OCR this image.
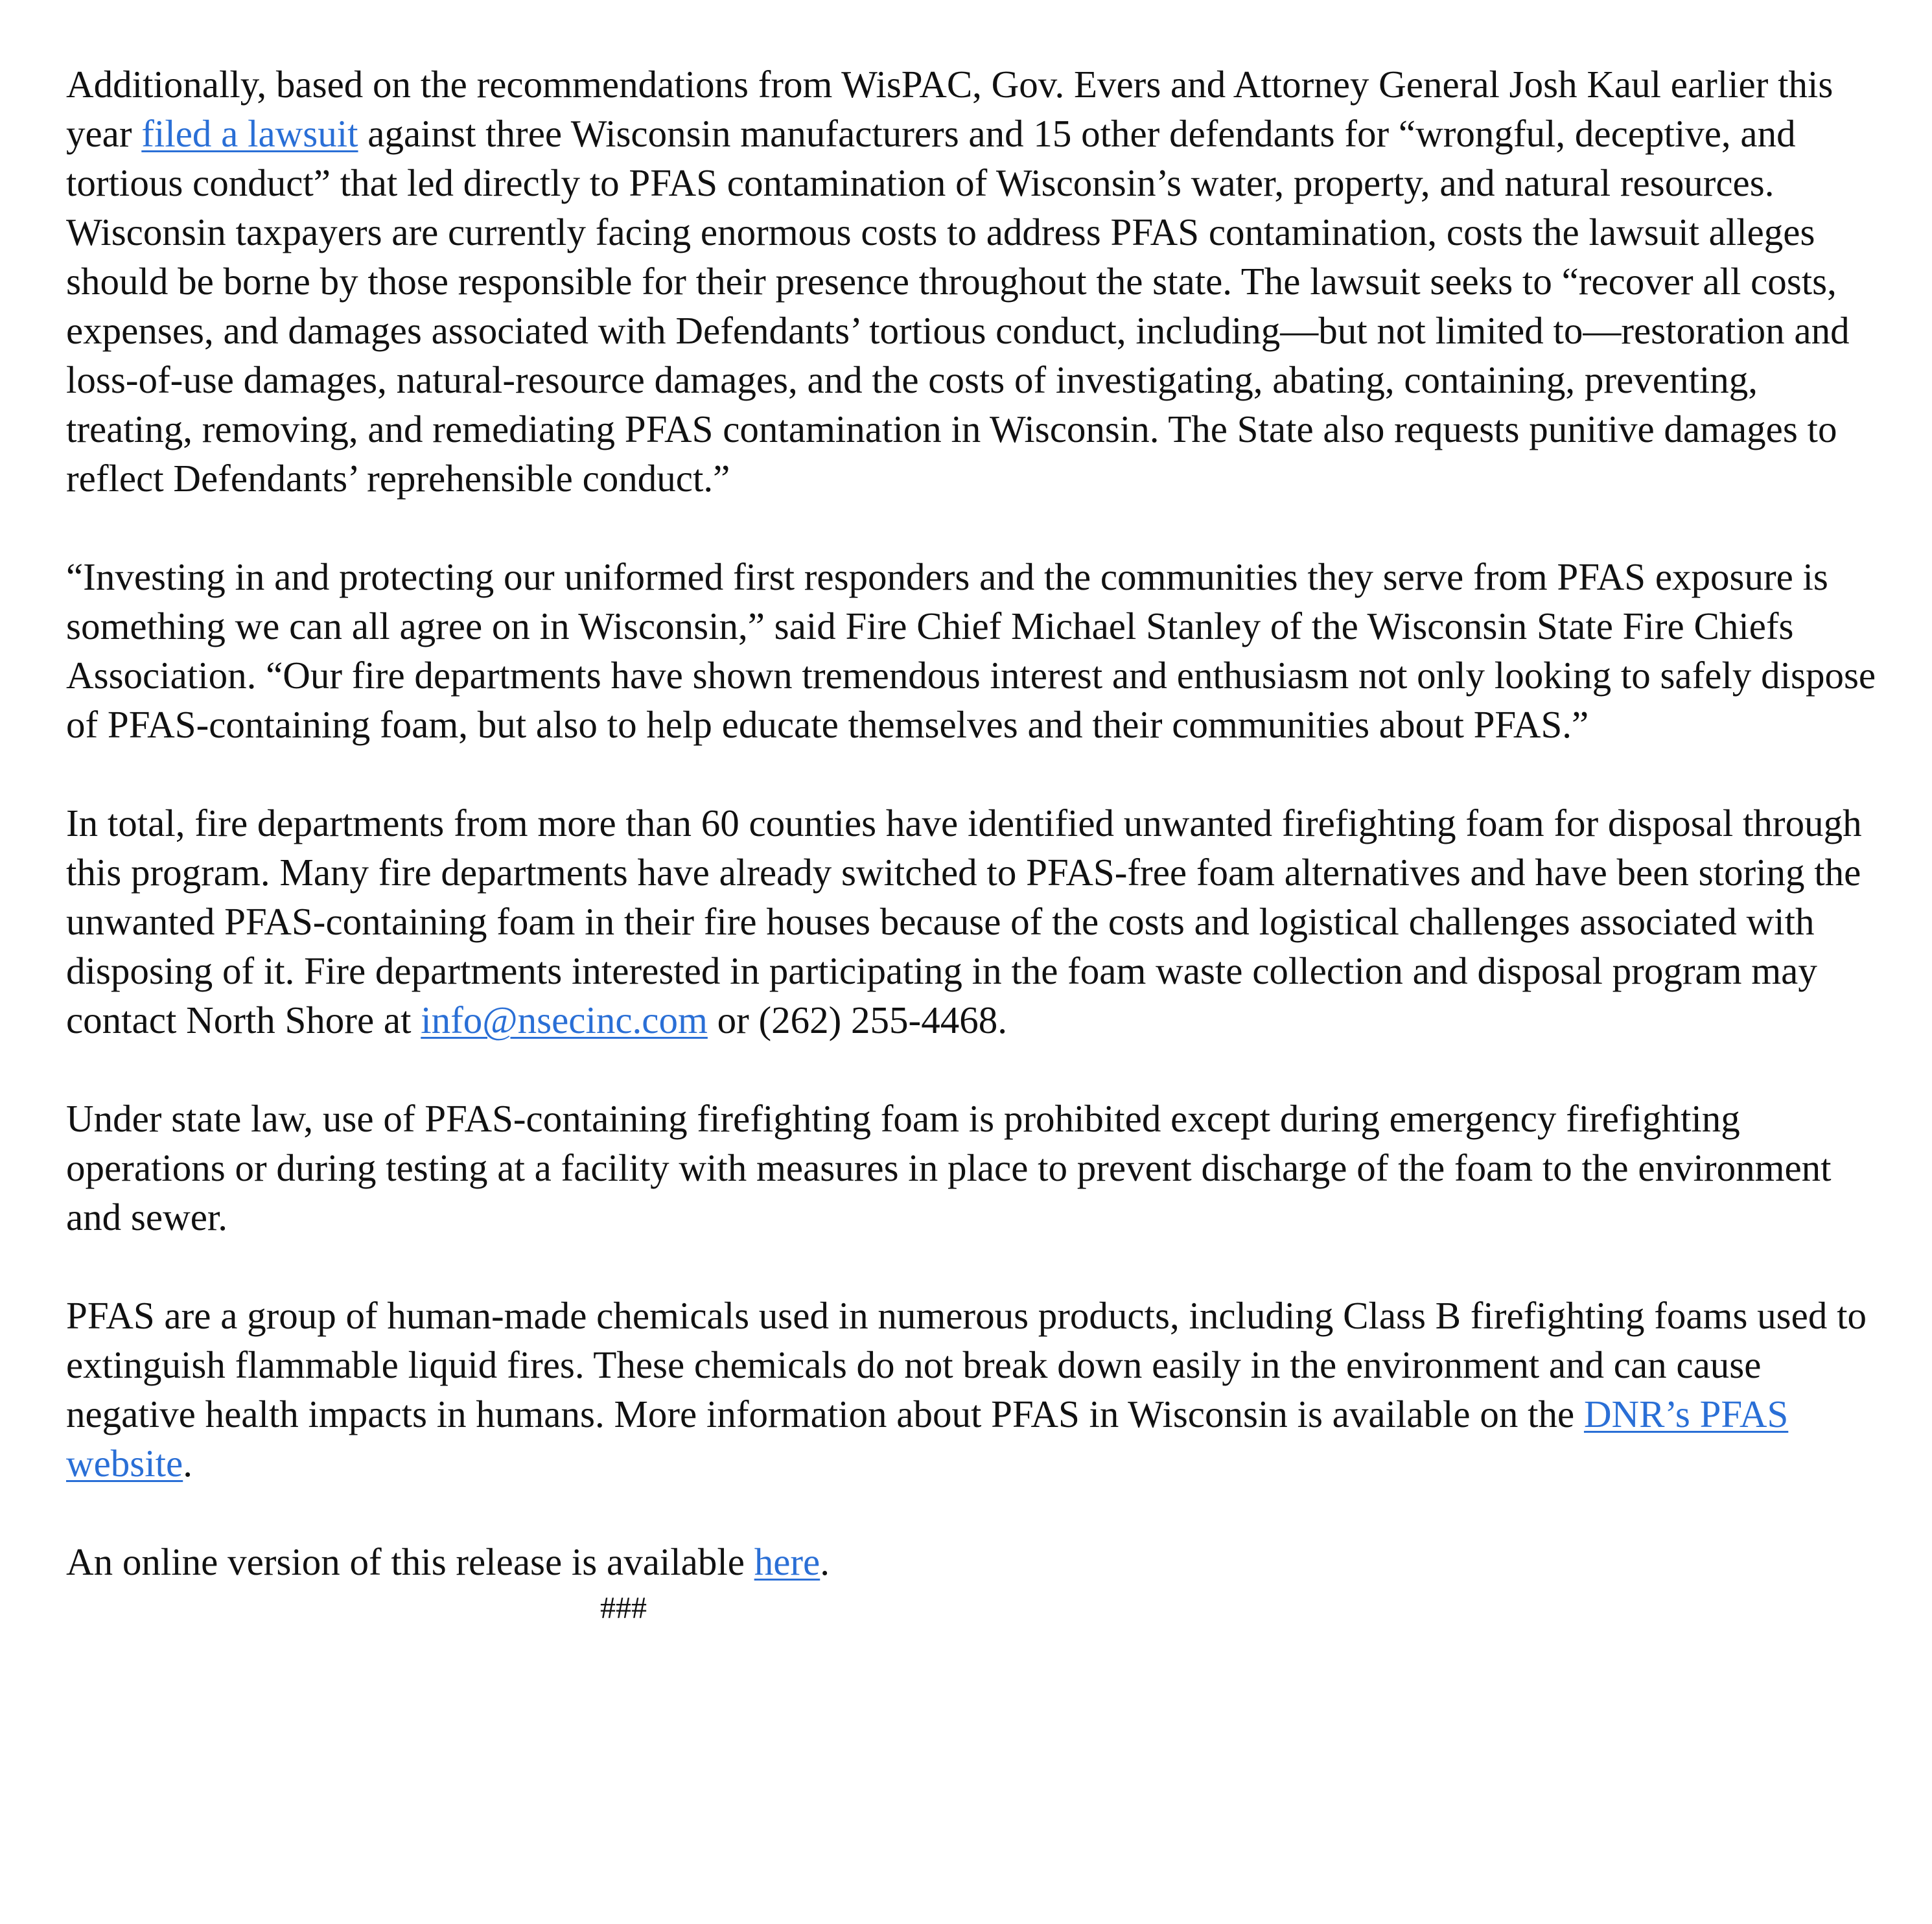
Additionally, based on the recommendations from WisPAC, Gov. Evers and Attorney General Josh Kaul earlier this year filed a lawsuit against three Wisconsin manufacturers and 15 other defendants for “wrongful, deceptive, and tortious conduct” that led directly to PFAS contamination of Wisconsin’s water, property, and natural resources. Wisconsin taxpayers are currently facing enormous costs to address PFAS contamination, costs the lawsuit alleges should be borne by those responsible for their presence throughout the state. The lawsuit seeks to “recover all costs, expenses, and damages associated with Defendants’ tortious conduct, including—but not limited to—restoration and loss-of-use damages, natural-resource damages, and the costs of investigating, abating, containing, preventing, treating, removing, and remediating PFAS contamination in Wisconsin. The State also requests punitive damages to reflect Defendants’ reprehensible conduct.”

“Investing in and protecting our uniformed first responders and the communities they serve from PFAS exposure is something we can all agree on in Wisconsin,” said Fire Chief Michael Stanley of the Wisconsin State Fire Chiefs Association. “Our fire departments have shown tremendous interest and enthusiasm not only looking to safely dispose of PFAS-containing foam, but also to help educate themselves and their communities about PFAS.”

In total, fire departments from more than 60 counties have identified unwanted firefighting foam for disposal through this program. Many fire departments have already switched to PFAS-free foam alternatives and have been storing the unwanted PFAS-containing foam in their fire houses because of the costs and logistical challenges associated with disposing of it. Fire departments interested in participating in the foam waste collection and disposal program may contact North Shore at info@nsecinc.com or (262) 255-4468.

Under state law, use of PFAS-containing firefighting foam is prohibited except during emergency firefighting operations or during testing at a facility with measures in place to prevent discharge of the foam to the environment and sewer.

PFAS are a group of human-made chemicals used in numerous products, including Class B firefighting foams used to extinguish flammable liquid fires. These chemicals do not break down easily in the environment and can cause negative health impacts in humans. More information about PFAS in Wisconsin is available on the DNR’s PFAS website.

An online version of this release is available here.

###
